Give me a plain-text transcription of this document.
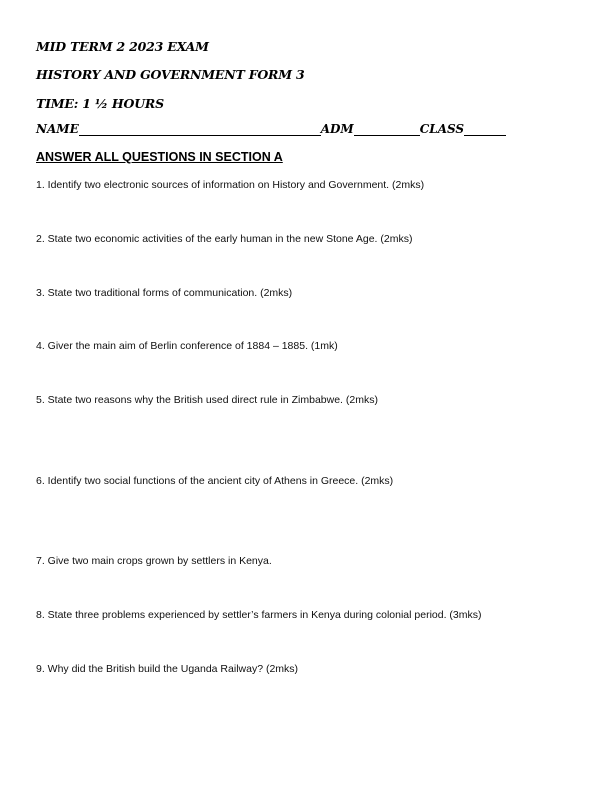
MID TERM 2 2023 EXAM
HISTORY AND GOVERNMENT FORM 3
TIME: 1 ½ HOURS
NAME	ADM	CLASS
ANSWER ALL QUESTIONS IN SECTION A
1. Identify two electronic sources of information on History and Government. (2mks)
2. State two economic activities of the early human in the new Stone Age. (2mks)
3. State two traditional forms of communication. (2mks)
4. Giver the main aim of Berlin conference of 1884 – 1885. (1mk)
5. State two reasons why the British used direct rule in Zimbabwe. (2mks)
6. Identify two social functions of the ancient city of Athens in Greece. (2mks)
7. Give two main crops grown by settlers in Kenya.
8. State three problems experienced by settler’s farmers in Kenya during colonial period. (3mks)
9. Why did the British build the Uganda Railway? (2mks)
